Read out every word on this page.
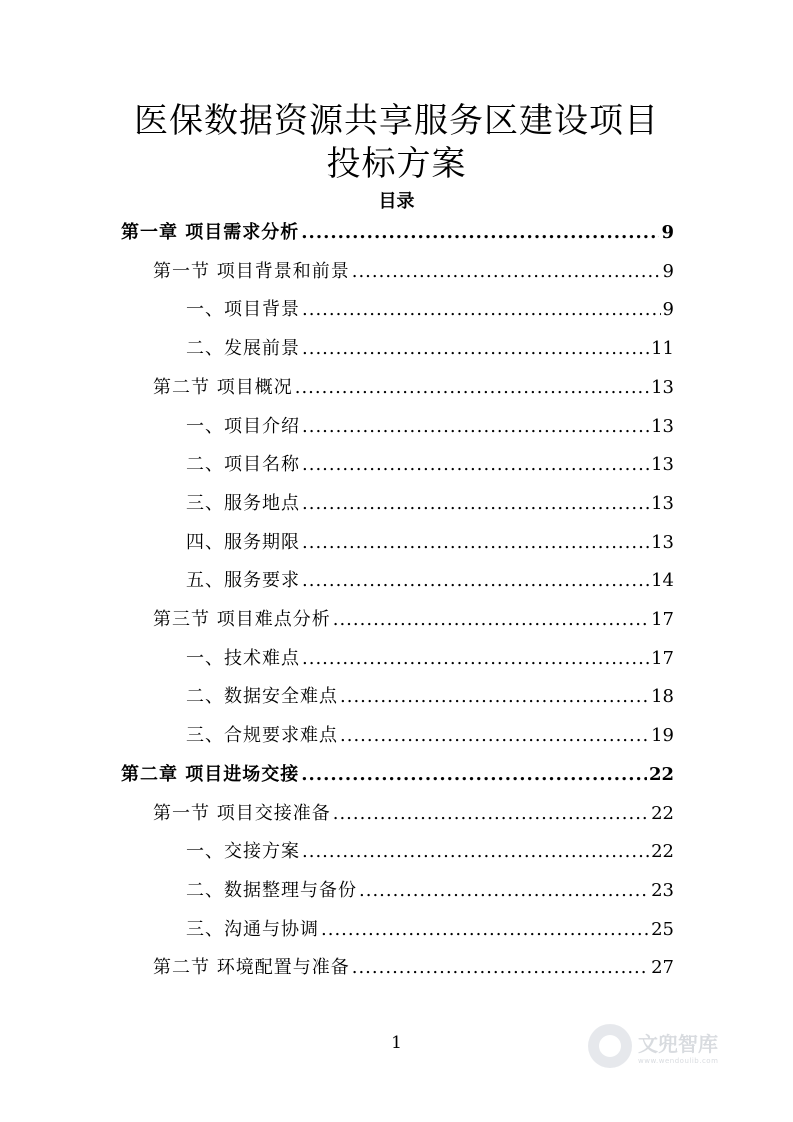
医保数据资源共享服务区建设项目
投标方案
目录
第一章 项目需求分析 .....	9
第一节 项目背景和前景 .....	9
一、项目背景 .....	9
二、发展前景 .....	11
第二节 项目概况 .....	13
一、项目介绍 .....	13
二、项目名称 .....	13
三、服务地点 .....	13
四、服务期限 .....	13
五、服务要求 .....	14
第三节 项目难点分析 .....	17
一、技术难点 .....	17
二、数据安全难点 .....	18
三、合规要求难点 .....	19
第二章 项目进场交接 .....	22
第一节 项目交接准备 .....	22
一、交接方案 .....	22
二、数据整理与备份 .....	23
三、沟通与协调 .....	25
第二节 环境配置与准备 .....	27
1	文兜智库
www.wendoulib.com
